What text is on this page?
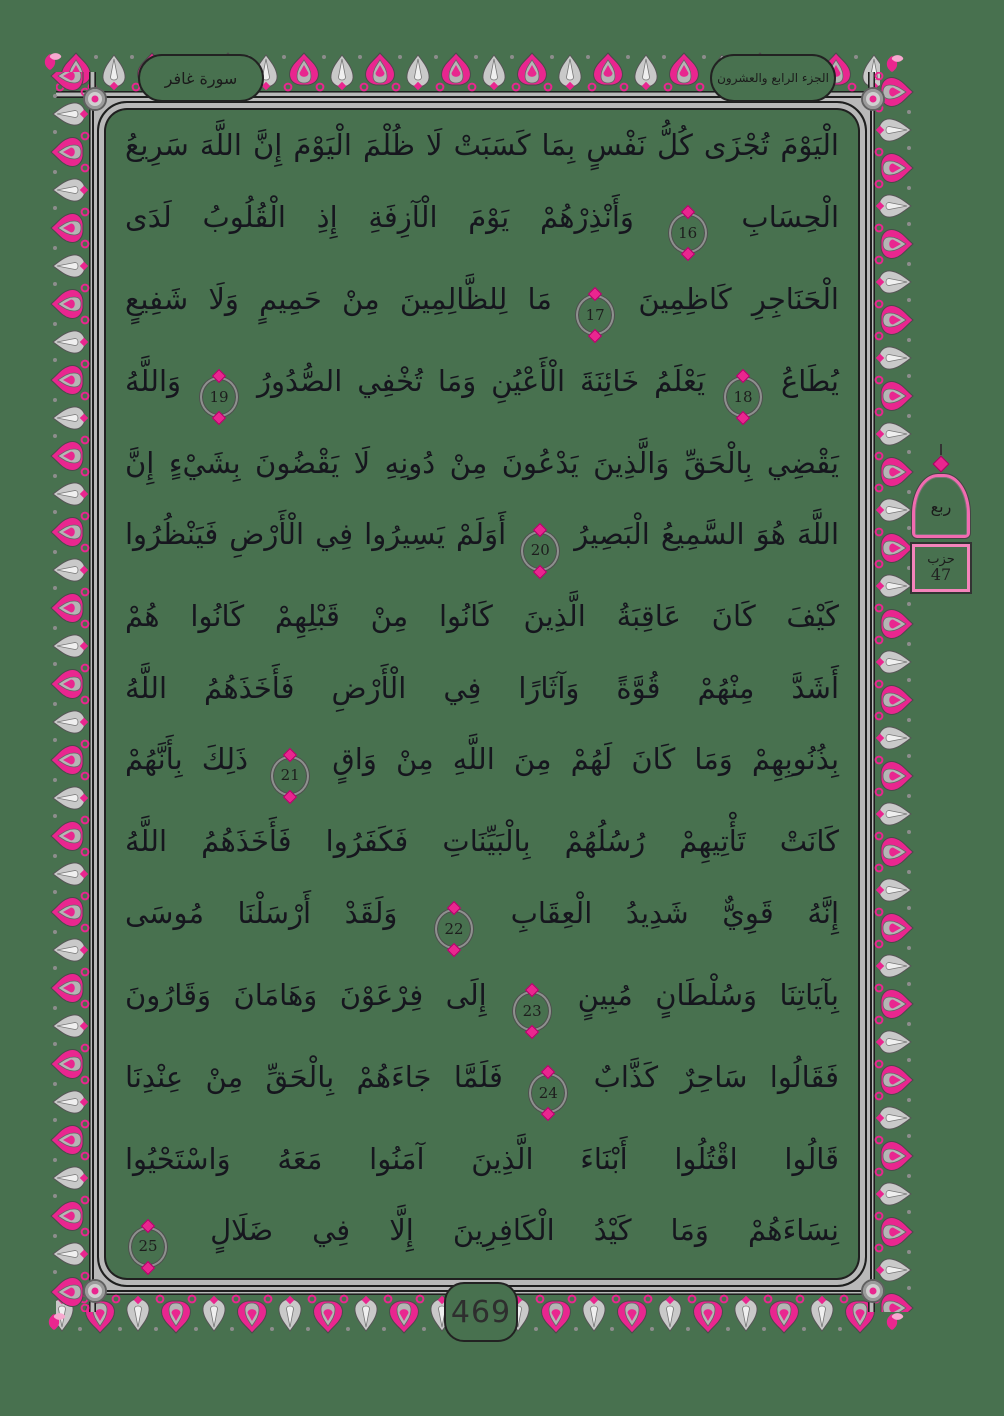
الْيَوْمَ تُجْزَى كُلُّ نَفْسٍ بِمَا كَسَبَتْ لَا ظُلْمَ الْيَوْمَ إِنَّ اللَّهَ سَرِيعُ
الْحِسَابِ
16
وَأَنْذِرْهُمْ يَوْمَ الْآزِفَةِ إِذِ الْقُلُوبُ لَدَى
الْحَنَاجِرِ كَاظِمِينَ
17
مَا لِلظَّالِمِينَ مِنْ حَمِيمٍ وَلَا شَفِيعٍ
يُطَاعُ
18
يَعْلَمُ خَائِنَةَ الْأَعْيُنِ وَمَا تُخْفِي الصُّدُورُ
19
وَاللَّهُ
يَقْضِي بِالْحَقِّ وَالَّذِينَ يَدْعُونَ مِنْ دُونِهِ لَا يَقْضُونَ بِشَيْءٍ إِنَّ
اللَّهَ هُوَ السَّمِيعُ الْبَصِيرُ
20
أَوَلَمْ يَسِيرُوا فِي الْأَرْضِ فَيَنْظُرُوا
كَيْفَ كَانَ عَاقِبَةُ الَّذِينَ كَانُوا مِنْ قَبْلِهِمْ كَانُوا هُمْ
أَشَدَّ مِنْهُمْ قُوَّةً وَآثَارًا فِي الْأَرْضِ فَأَخَذَهُمُ اللَّهُ
بِذُنُوبِهِمْ وَمَا كَانَ لَهُمْ مِنَ اللَّهِ مِنْ وَاقٍ
21
ذَلِكَ بِأَنَّهُمْ
كَانَتْ تَأْتِيهِمْ رُسُلُهُمْ بِالْبَيِّنَاتِ فَكَفَرُوا فَأَخَذَهُمُ اللَّهُ
إِنَّهُ قَوِيٌّ شَدِيدُ الْعِقَابِ
22
وَلَقَدْ أَرْسَلْنَا مُوسَى
بِآيَاتِنَا وَسُلْطَانٍ مُبِينٍ
23
إِلَى فِرْعَوْنَ وَهَامَانَ وَقَارُونَ
فَقَالُوا سَاحِرٌ كَذَّابٌ
24
فَلَمَّا جَاءَهُمْ بِالْحَقِّ مِنْ عِنْدِنَا
قَالُوا اقْتُلُوا أَبْنَاءَ الَّذِينَ آمَنُوا مَعَهُ وَاسْتَحْيُوا
نِسَاءَهُمْ وَمَا كَيْدُ الْكَافِرِينَ إِلَّا فِي ضَلَالٍ
25
سورة غافر	الجزء الرابع والعشرون
ربع
حزب
47
469
